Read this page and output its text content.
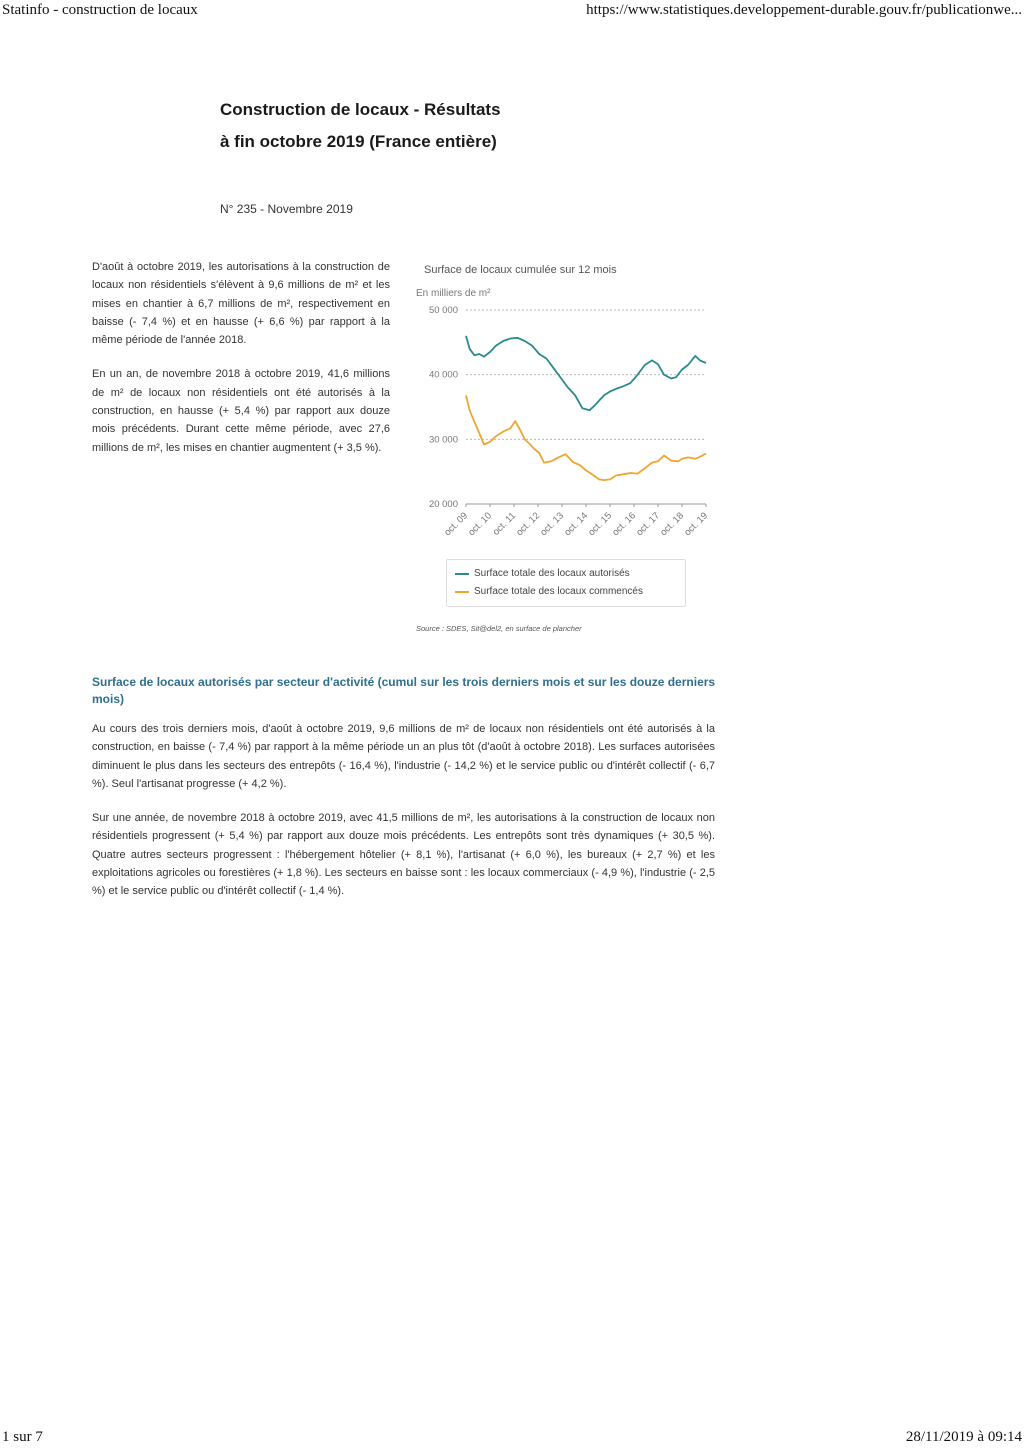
Statinfo - construction de locaux	https://www.statistiques.developpement-durable.gouv.fr/publicationwe...
Construction de locaux - Résultats
à fin octobre 2019 (France entière)
N° 235 - Novembre 2019

D'août à octobre 2019, les autorisations à la construction de locaux non résidentiels s'élèvent à 9,6 millions de m² et les mises en chantier à 6,7 millions de m², respectivement en baisse (- 7,4 %) et en hausse (+ 6,6 %) par rapport à la même période de l'année 2018.

En un an, de novembre 2018 à octobre 2019, 41,6 millions de m² de locaux non résidentiels ont été autorisés à la construction, en hausse (+ 5,4 %) par rapport aux douze mois précédents. Durant cette même période, avec 27,6 millions de m², les mises en chantier augmentent (+ 3,5 %).

Surface de locaux cumulée sur 12 mois
En milliers de m²
20 000
30 000
40 000
50 000
oct. 09
oct. 10
oct. 11
oct. 12
oct. 13
oct. 14
oct. 15
oct. 16
oct. 17
oct. 18
oct. 19
Surface totale des locaux autorisés
Surface totale des locaux commencés
Source : SDES, Sit@del2, en surface de plancher
Surface de locaux autorisés par secteur d'activité (cumul sur les trois derniers mois et sur les douze derniers mois)

Au cours des trois derniers mois, d'août à octobre 2019, 9,6 millions de m² de locaux non résidentiels ont été autorisés à la construction, en baisse (- 7,4 %) par rapport à la même période un an plus tôt (d'août à octobre 2018). Les surfaces autorisées diminuent le plus dans les secteurs des entrepôts (- 16,4 %), l'industrie (- 14,2 %) et le service public ou d'intérêt collectif (- 6,7 %). Seul l'artisanat progresse (+ 4,2 %).

Sur une année, de novembre 2018 à octobre 2019, avec 41,5 millions de m², les autorisations à la construction de locaux non résidentiels progressent (+ 5,4 %) par rapport aux douze mois précédents. Les entrepôts sont très dynamiques (+ 30,5 %). Quatre autres secteurs progressent : l'hébergement hôtelier (+ 8,1 %), l'artisanat (+ 6,0 %), les bureaux (+ 2,7 %) et les exploitations agricoles ou forestières (+ 1,8 %). Les secteurs en baisse sont : les locaux commerciaux (- 4,9 %), l'industrie (- 2,5 %) et le service public ou d'intérêt collectif (- 1,4 %).

1 sur 7	28/11/2019 à 09:14
